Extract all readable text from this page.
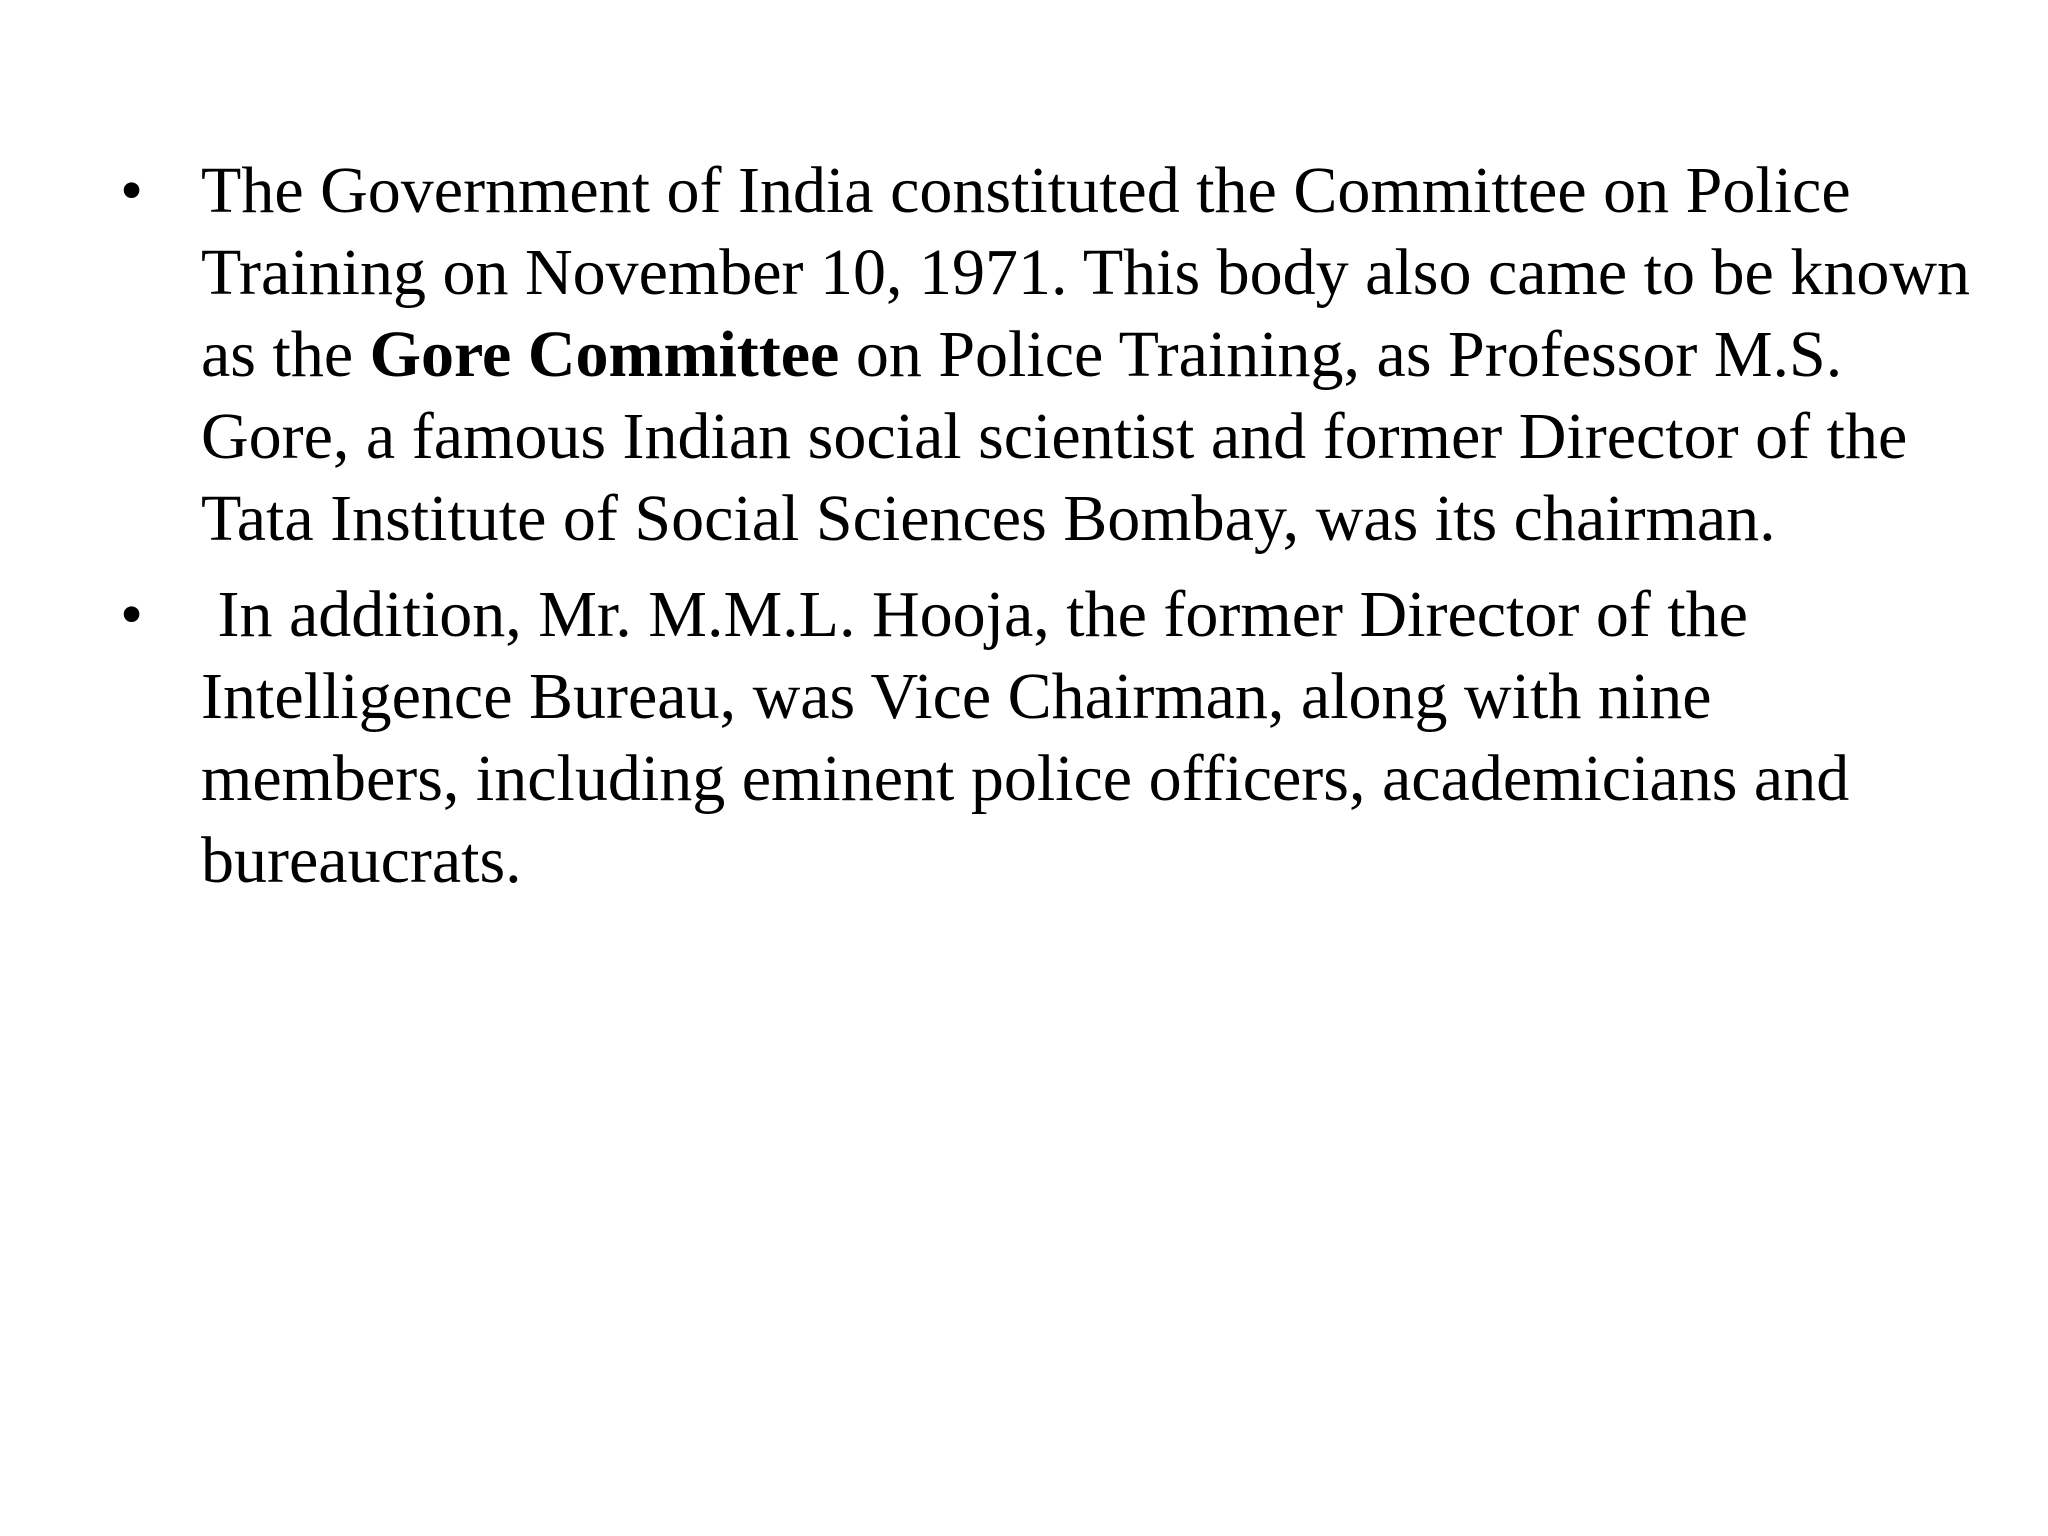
• The Government of India constituted the Committee on Police Training on November 10, 1971. This body also came to be known as the Gore Committee on Police Training, as Professor M.S. Gore, a famous Indian social scientist and former Director of the Tata Institute of Social Sciences Bombay, was its chairman.
• In addition, Mr. M.M.L. Hooja, the former Director of the Intelligence Bureau, was Vice Chairman, along with nine members, including eminent police officers, academicians and bureaucrats.
